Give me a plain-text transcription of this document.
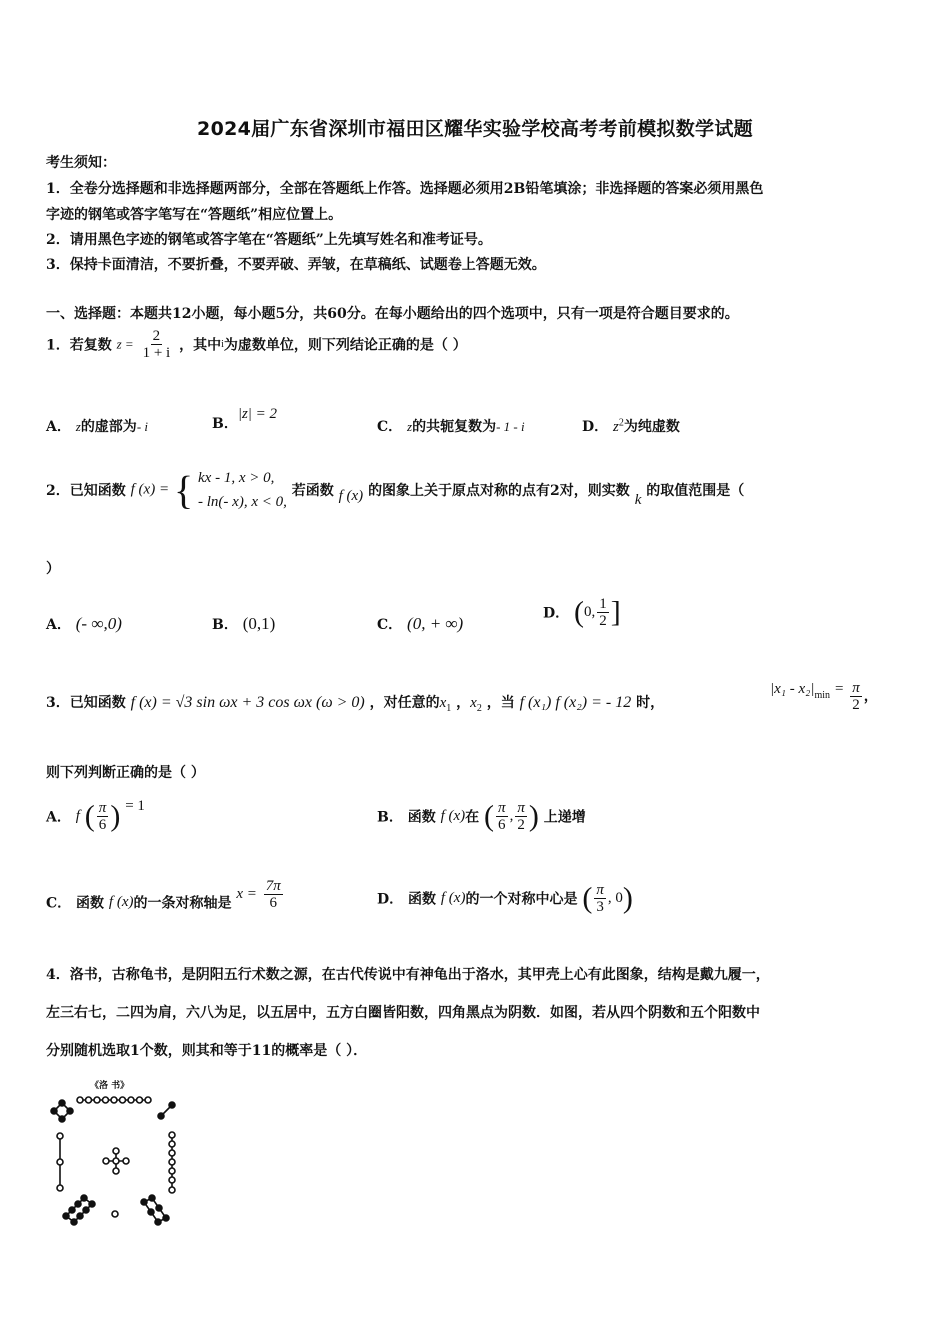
2024届广东省深圳市福田区耀华实验学校高考考前模拟数学试题
考生须知：
1．全卷分选择题和非选择题两部分，全部在答题纸上作答。选择题必须用2B铅笔填涂；非选择题的答案必须用黑色
字迹的钢笔或答字笔写在“答题纸”相应位置上。
2．请用黑色字迹的钢笔或答字笔在“答题纸”上先填写姓名和准考证号。
3．保持卡面清洁，不要折叠，不要弄破、弄皱，在草稿纸、试题卷上答题无效。
一、选择题：本题共12小题，每小题5分，共60分。在每小题给出的四个选项中，只有一项是符合题目要求的。
1．若复数 $z = \frac{2}{1 + i}$ ，其中i为虚数单位，则下列结论正确的是（ ）
A． z的虚部为- i	B．|z| = 2
C． z的共轭复数为- 1 - i	D． $z^2$为纯虚数
2．已知函数 f (x) = { kx - 1, x > 0,
- ln(- x), x < 0,
若函数 f (x) 的图象上关于原点对称的点有2对，则实数 k 的取值范围是（
）
A． (- ∞,0)	B． (0,1)	C． (0, + ∞)
D． (0, $\frac{1}{2}$ ]
3．已知函数 f (x) = √3 sin ωx + 3 cos ωx (ω > 0) ，对任意的$x_1$ ，$x_2$ ，当 f (x₁) f (x₂) = - 12 时，
$|x_1 - x_2|_{min} = \frac{\pi}{2}$ ，
则下列判断正确的是（ ）
A． f ( $\frac{\pi}{6}$ ) = 1
B． 函数 f (x)在 ( $\frac{\pi}{6}$ , $\frac{\pi}{2}$ ) 上递增
C． 函数 f (x)的一条对称轴是 $x = \frac{7\pi}{6}$	D． 函数 f (x)的一个对称中心是 ( $\frac{\pi}{3}$ , 0)
4．洛书，古称龟书，是阴阳五行术数之源，在古代传说中有神龟出于洛水，其甲壳上心有此图象，结构是戴九履一，
左三右七，二四为肩，六八为足，以五居中，五方白圈皆阳数，四角黑点为阴数．如图，若从四个阴数和五个阳数中
分别随机选取1个数，则其和等于11的概率是（ ）．
《洛 书》
